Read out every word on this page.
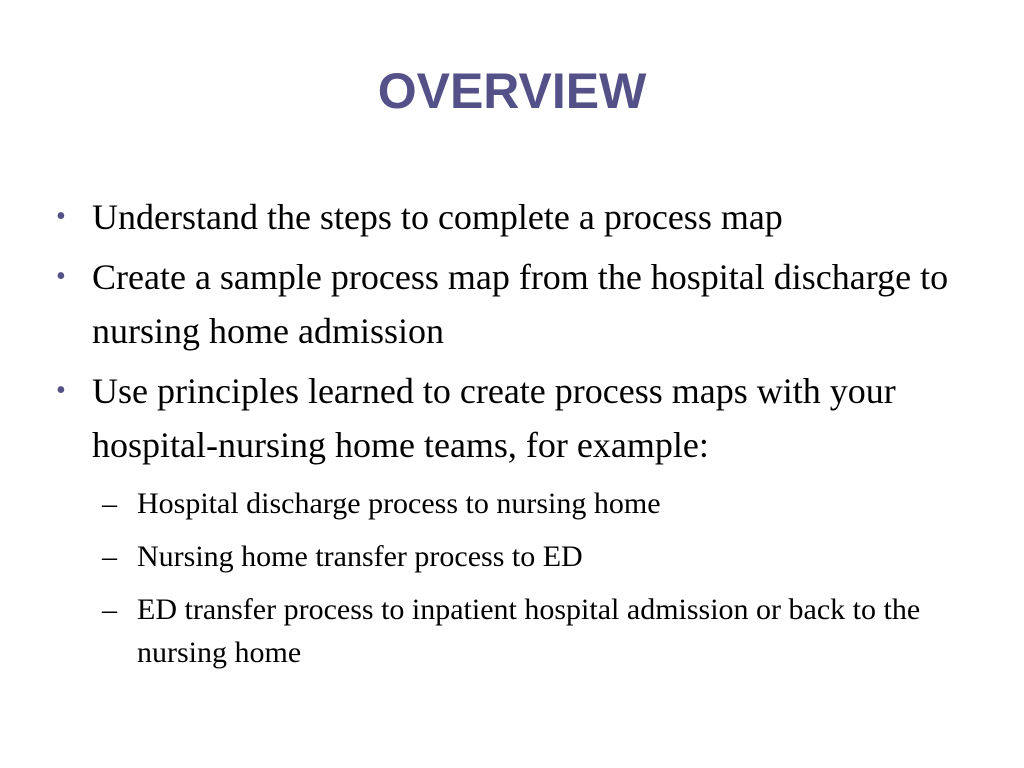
OVERVIEW
• Understand the steps to complete a process map
• Create a sample process map from the hospital discharge to nursing home admission
• Use principles learned to create process maps with your hospital-nursing home teams, for example:
– Hospital discharge process to nursing home
– Nursing home transfer process to ED
– ED transfer process to inpatient hospital admission or back to the nursing home
